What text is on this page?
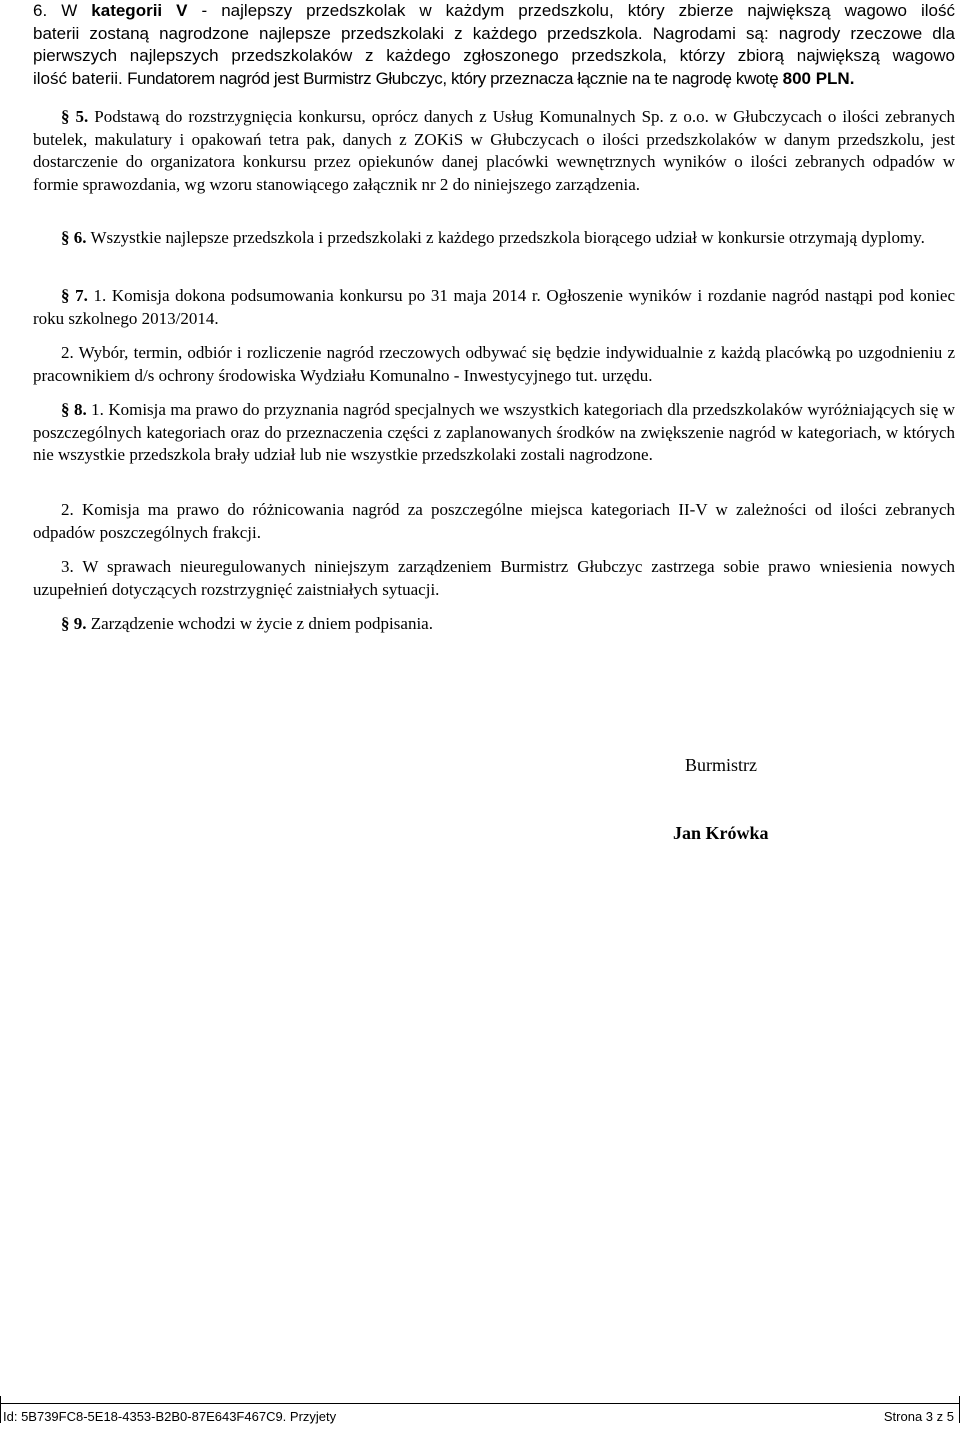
6. W kategorii V - najlepszy przedszkolak w każdym przedszkolu, który zbierze największą wagowo ilość

baterii zostaną nagrodzone najlepsze przedszkolaki z każdego przedszkola. Nagrodami są: nagrody rzeczowe dla

pierwszych najlepszych przedszkolaków z każdego zgłoszonego przedszkola, którzy zbiorą największą wagowo

ilość baterii. Fundatorem nagród jest Burmistrz Głubczyc, który przeznacza łącznie na te nagrodę kwotę 800 PLN.

§ 5. Podstawą do rozstrzygnięcia konkursu, oprócz danych z Usług Komunalnych Sp. z o.o. w Głubczycach o ilości zebranych butelek, makulatury i opakowań tetra pak, danych z ZOKiS w Głubczycach o ilości przedszkolaków w danym przedszkolu, jest dostarczenie do organizatora konkursu przez opiekunów danej placówki wewnętrznych wyników o ilości zebranych odpadów w formie sprawozdania, wg wzoru stanowiącego załącznik nr 2 do niniejszego zarządzenia.

§ 6. Wszystkie najlepsze przedszkola i przedszkolaki z każdego przedszkola biorącego udział w konkursie otrzymają dyplomy.

§ 7. 1. Komisja dokona podsumowania konkursu po 31 maja 2014 r. Ogłoszenie wyników i rozdanie nagród nastąpi pod koniec roku szkolnego 2013/2014.

2. Wybór, termin, odbiór i rozliczenie nagród rzeczowych odbywać się będzie indywidualnie z każdą placówką po uzgodnieniu z pracownikiem d/s ochrony środowiska Wydziału Komunalno - Inwestycyjnego tut. urzędu.

§ 8. 1. Komisja ma prawo do przyznania nagród specjalnych we wszystkich kategoriach dla przedszkolaków wyróżniających się w poszczególnych kategoriach oraz do przeznaczenia części z zaplanowanych środków na zwiększenie nagród w kategoriach, w których nie wszystkie przedszkola brały udział lub nie wszystkie przedszkolaki zostali nagrodzone.

2. Komisja ma prawo do różnicowania nagród za poszczególne miejsca kategoriach II-V w zależności od ilości zebranych odpadów poszczególnych frakcji.

3. W sprawach nieuregulowanych niniejszym zarządzeniem Burmistrz Głubczyc zastrzega sobie prawo wniesienia nowych uzupełnień dotyczących rozstrzygnięć zaistniałych sytuacji.

§ 9. Zarządzenie wchodzi w życie z dniem podpisania.

Burmistrz
Jan Krówka
Id: 5B739FC8-5E18-4353-B2B0-87E643F467C9. Przyjety	Strona 3 z 5
